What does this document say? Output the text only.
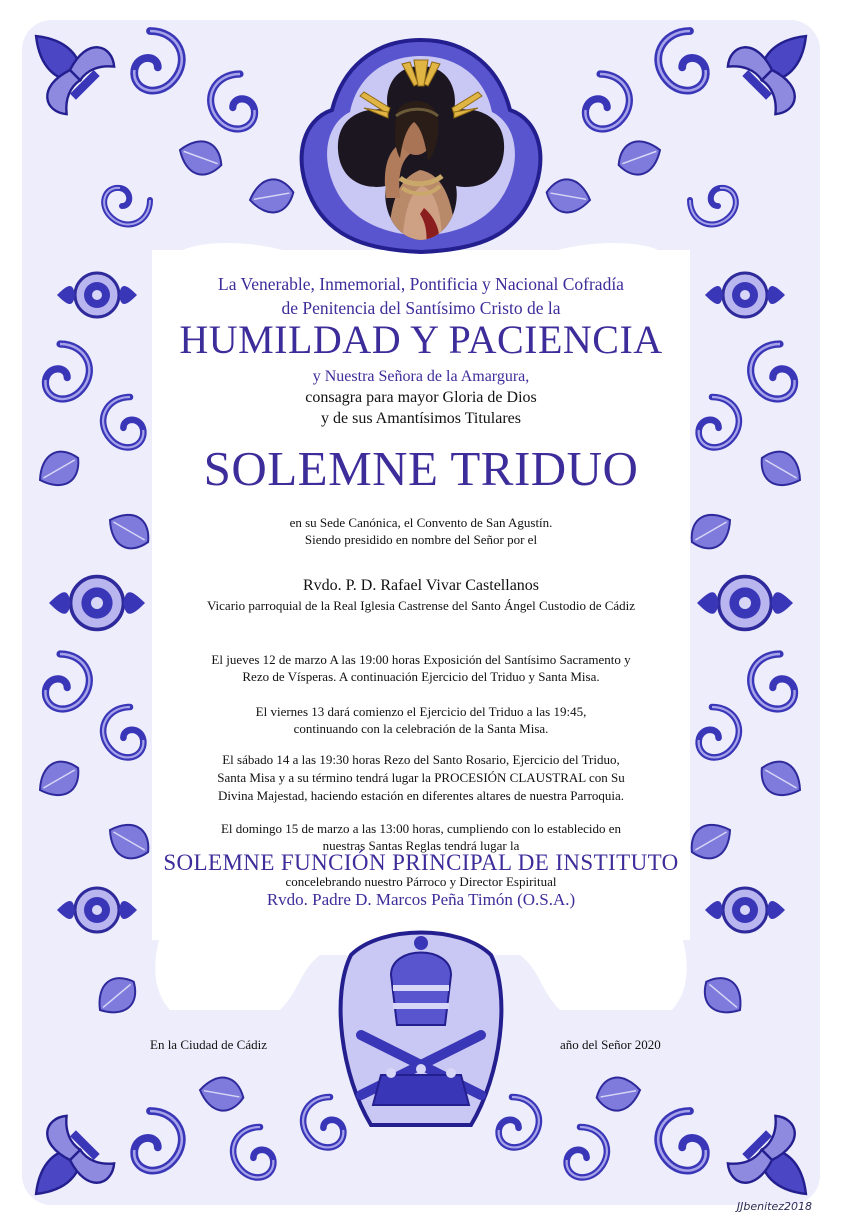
La Venerable, Inmemorial, Pontificia y Nacional Cofradía
de Penitencia del Santísimo Cristo de la
HUMILDAD Y PACIENCIA
y Nuestra Señora de la Amargura,
consagra para mayor Gloria de Dios
y de sus Amantísimos Titulares
SOLEMNE TRIDUO
en su Sede Canónica, el Convento de San Agustín.
Siendo presidido en nombre del Señor por el
Rvdo. P. D. Rafael Vivar Castellanos
Vicario parroquial de la Real Iglesia Castrense del Santo Ángel Custodio de Cádiz
El jueves 12 de marzo A las 19:00 horas Exposición del Santísimo Sacramento y
Rezo de Vísperas. A continuación Ejercicio del Triduo y Santa Misa.
El viernes 13 dará comienzo el Ejercicio del Triduo a las 19:45,
continuando con la celebración de la Santa Misa.
El sábado 14 a las 19:30 horas Rezo del Santo Rosario, Ejercicio del Triduo,
Santa Misa y a su término tendrá lugar la PROCESIÓN CLAUSTRAL con Su
Divina Majestad, haciendo estación en diferentes altares de nuestra Parroquia.
El domingo 15 de marzo a las 13:00 horas, cumpliendo con lo establecido en
nuestras Santas Reglas tendrá lugar la
SOLEMNE FUNCIÓN PRINCIPAL DE INSTITUTO
concelebrando nuestro Párroco y Director Espiritual
Rvdo. Padre D. Marcos Peña Timón (O.S.A.)
En la Ciudad de Cádiz	año del Señor 2020
JJbenitez2018
